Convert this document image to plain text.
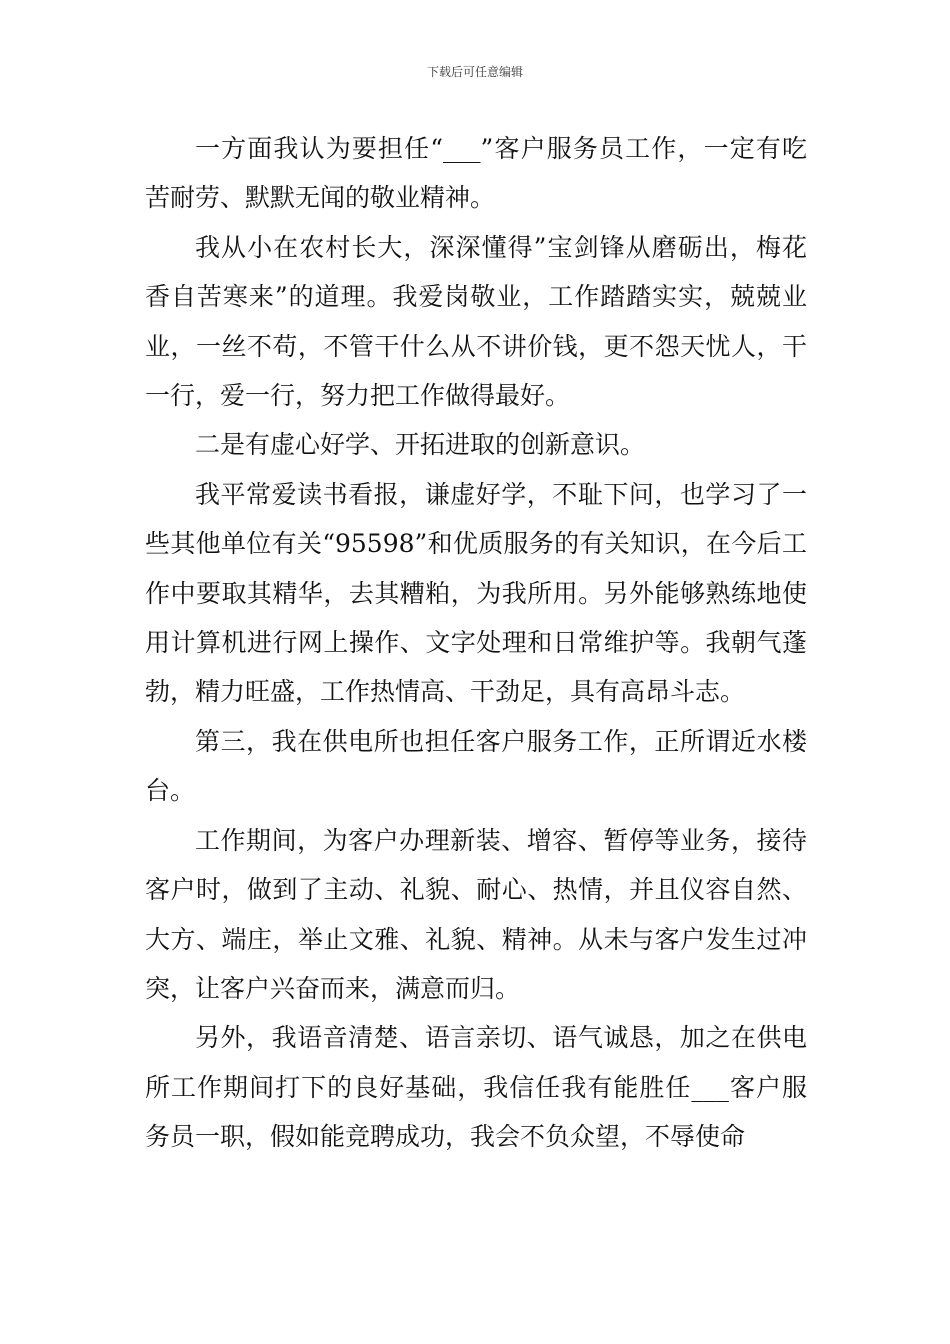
下载后可任意编辑

一方面我认为要担任“___”客户服务员工作，一定有吃苦耐劳、默默无闻的敬业精神。

我从小在农村长大，深深懂得”宝剑锋从磨砺出，梅花香自苦寒来”的道理。我爱岗敬业，工作踏踏实实，兢兢业业，一丝不苟，不管干什么从不讲价钱，更不怨天忧人，干一行，爱一行，努力把工作做得最好。

二是有虚心好学、开拓进取的创新意识。

我平常爱读书看报，谦虚好学，不耻下问，也学习了一些其他单位有关“95598”和优质服务的有关知识，在今后工作中要取其精华，去其糟粕，为我所用。另外能够熟练地使用计算机进行网上操作、文字处理和日常维护等。我朝气蓬勃，精力旺盛，工作热情高、干劲足，具有高昂斗志。

第三，我在供电所也担任客户服务工作，正所谓近水楼台。

工作期间，为客户办理新装、增容、暂停等业务，接待客户时，做到了主动、礼貌、耐心、热情，并且仪容自然、大方、端庄，举止文雅、礼貌、精神。从未与客户发生过冲突，让客户兴奋而来，满意而归。

另外，我语音清楚、语言亲切、语气诚恳，加之在供电所工作期间打下的良好基础，我信任我有能胜任___客户服务员一职，假如能竞聘成功，我会不负众望，不辱使命
